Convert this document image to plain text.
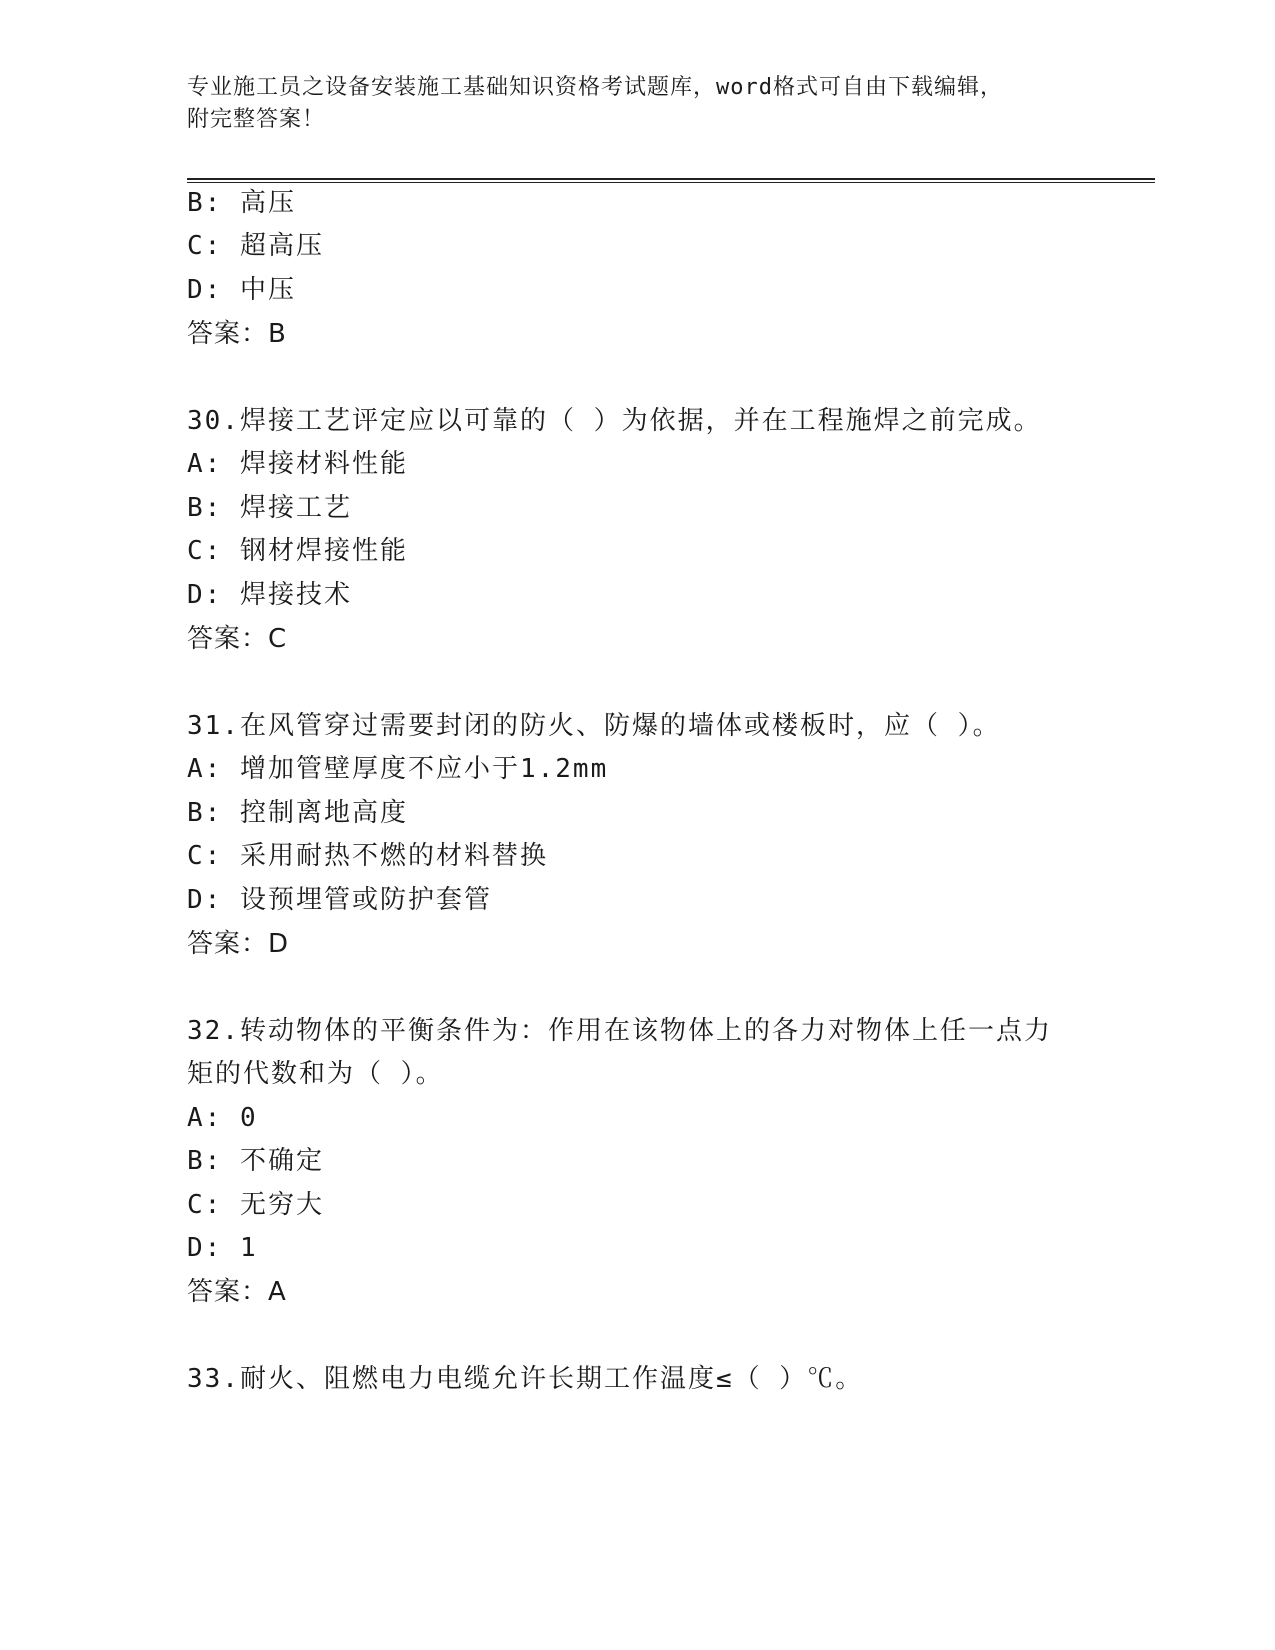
专业施工员之设备安装施工基础知识资格考试题库，word格式可自由下载编辑，
附完整答案！
B: 高压
C: 超高压
D: 中压
答案：B
30.焊接工艺评定应以可靠的（ ）为依据，并在工程施焊之前完成。
A: 焊接材料性能
B: 焊接工艺
C: 钢材焊接性能
D: 焊接技术
答案：C
31.在风管穿过需要封闭的防火、防爆的墙体或楼板时，应（ ）。
A: 增加管壁厚度不应小于1.2mm
B: 控制离地高度
C: 采用耐热不燃的材料替换
D: 设预埋管或防护套管
答案：D
32.转动物体的平衡条件为：作用在该物体上的各力对物体上任一点力
矩的代数和为（ ）。
A: 0
B: 不确定
C: 无穷大
D: 1
答案：A
33.耐火、阻燃电力电缆允许长期工作温度≤（ ）℃。
